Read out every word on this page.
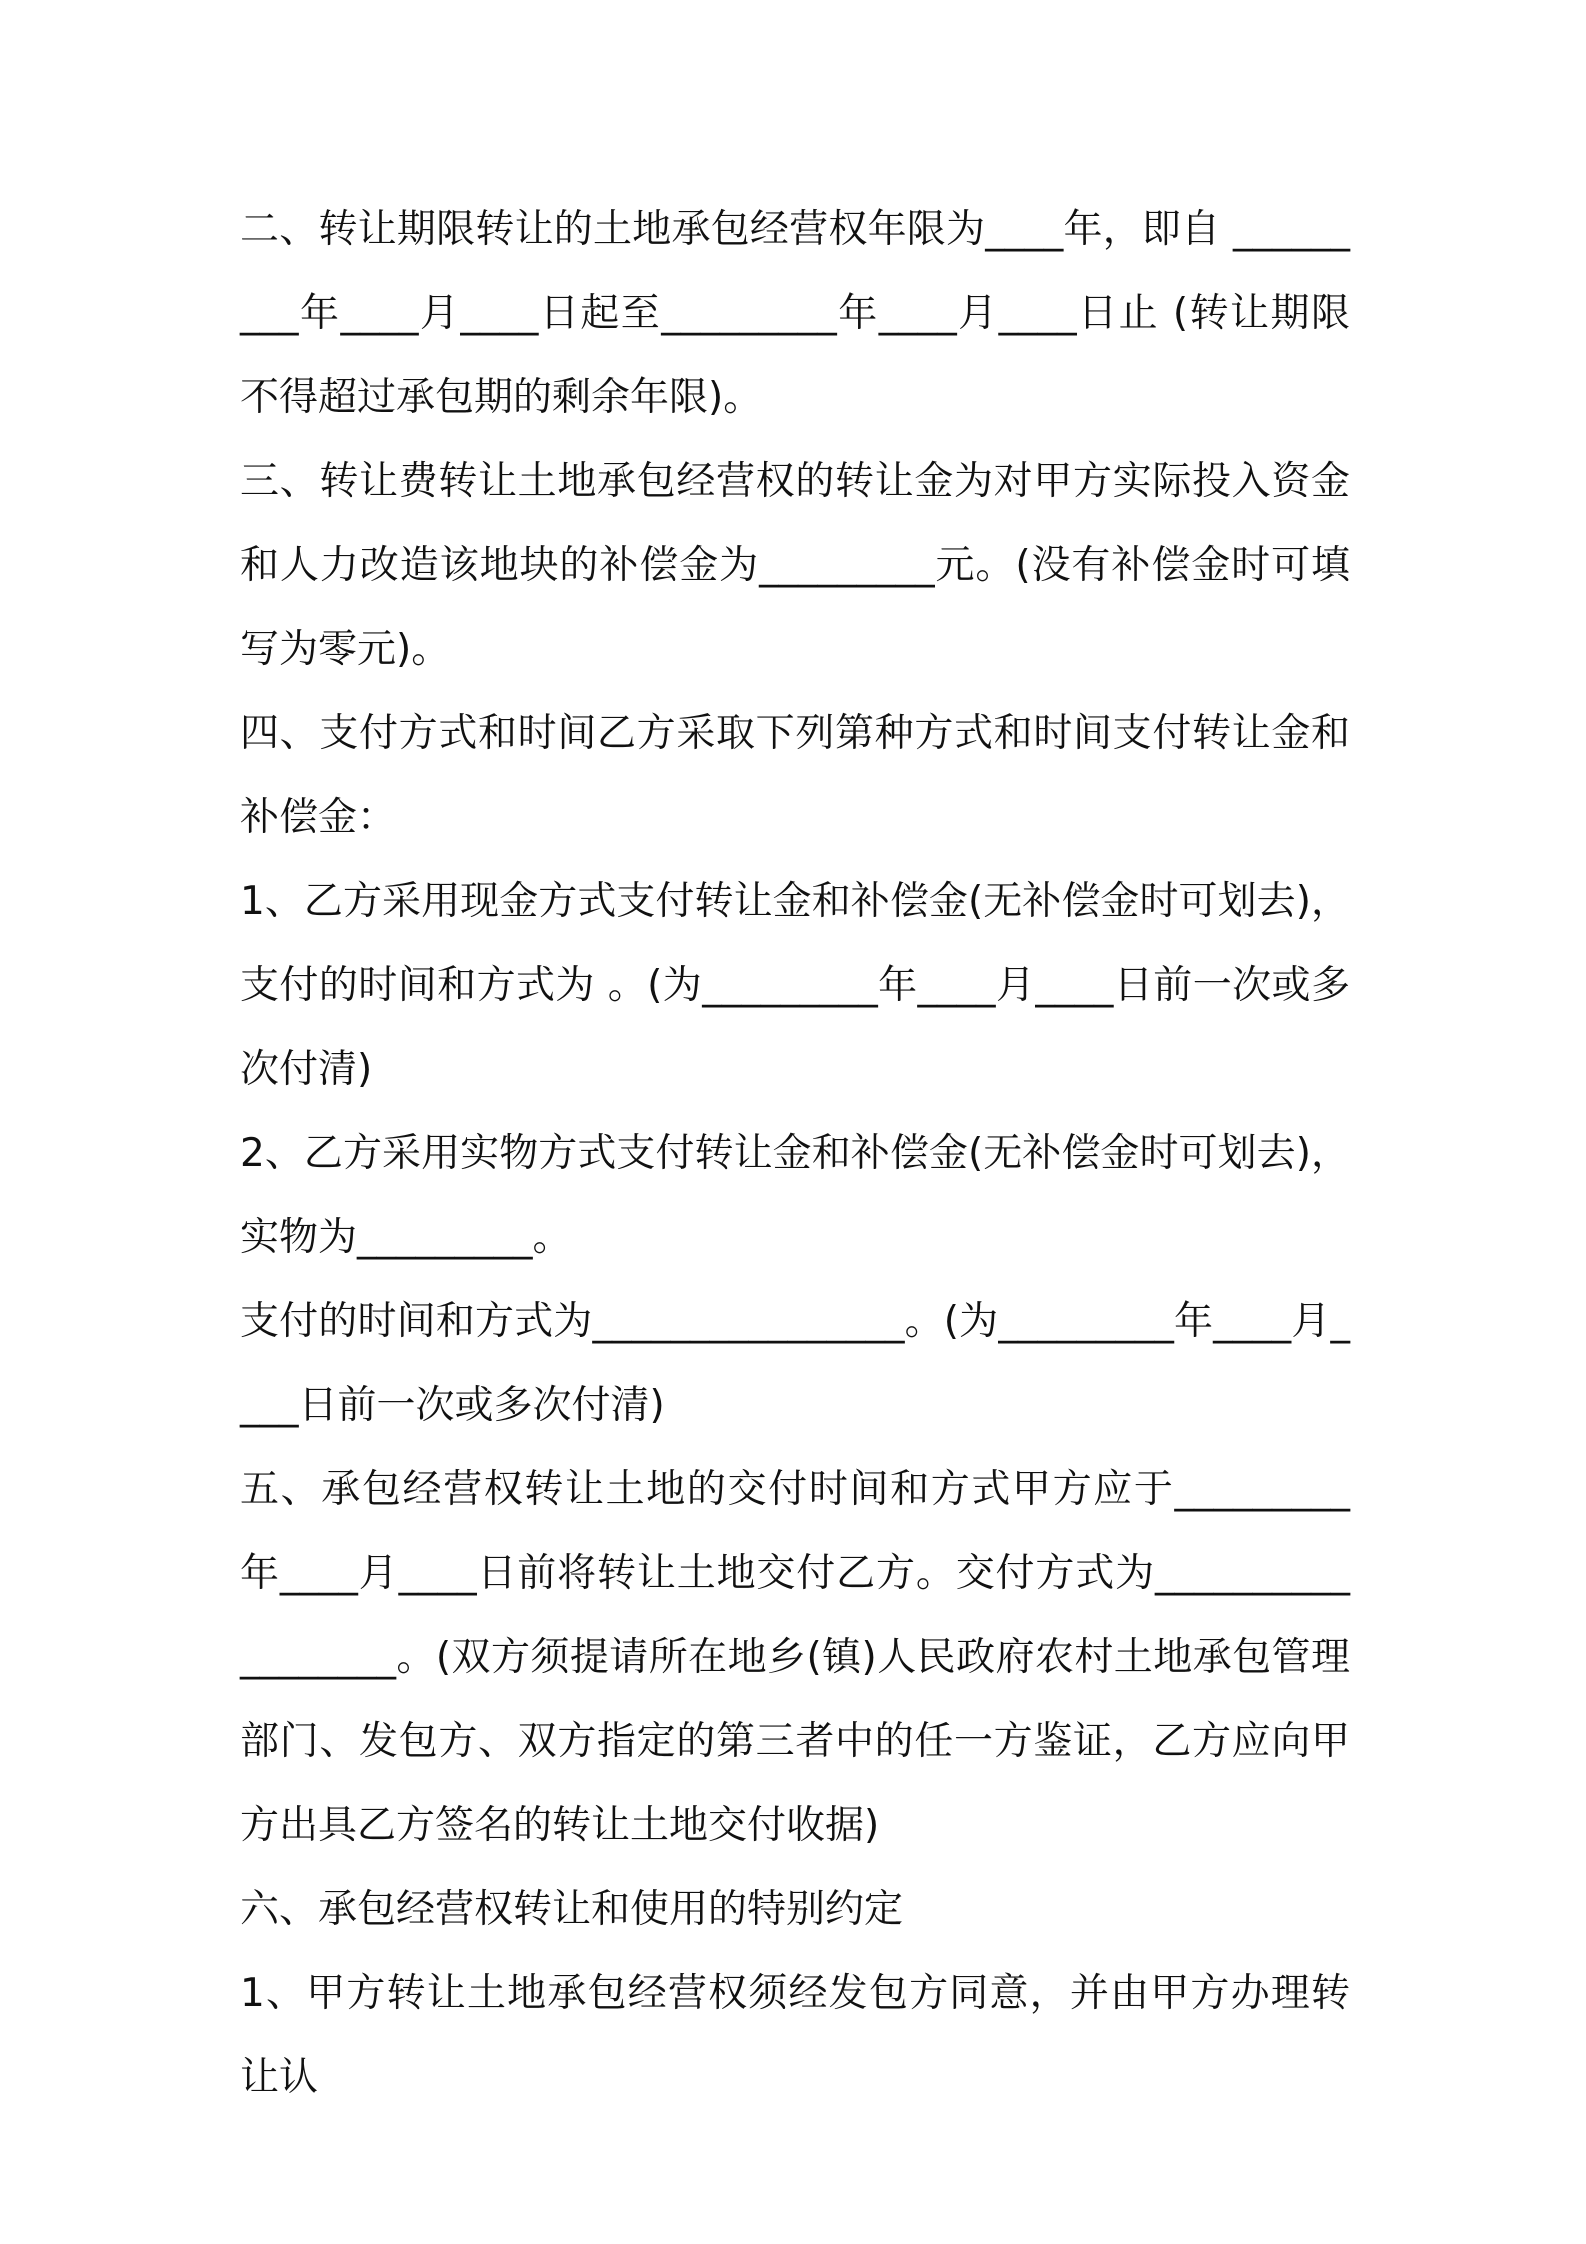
二、转让期限转让的土地承包经营权年限为____年，即自 _________年____月____日起至_________年____月____日止 (转让期限不得超过承包期的剩余年限)。

三、转让费转让土地承包经营权的转让金为对甲方实际投入资金和人力改造该地块的补偿金为_________元。(没有补偿金时可填写为零元)。

四、支付方式和时间乙方采取下列第种方式和时间支付转让金和补偿金：

1、乙方采用现金方式支付转让金和补偿金(无补偿金时可划去)，支付的时间和方式为 。(为_________年____月____日前一次或多次付清)

2、乙方采用实物方式支付转让金和补偿金(无补偿金时可划去)，实物为_________。

支付的时间和方式为________________。(为_________年____月____日前一次或多次付清)

五、承包经营权转让土地的交付时间和方式甲方应于_________年____月____日前将转让土地交付乙方。交付方式为__________________。(双方须提请所在地乡(镇)人民政府农村土地承包管理部门、发包方、双方指定的第三者中的任一方鉴证，乙方应向甲方出具乙方签名的转让土地交付收据)

六、承包经营权转让和使用的特别约定

1、甲方转让土地承包经营权须经发包方同意，并由甲方办理转让认
